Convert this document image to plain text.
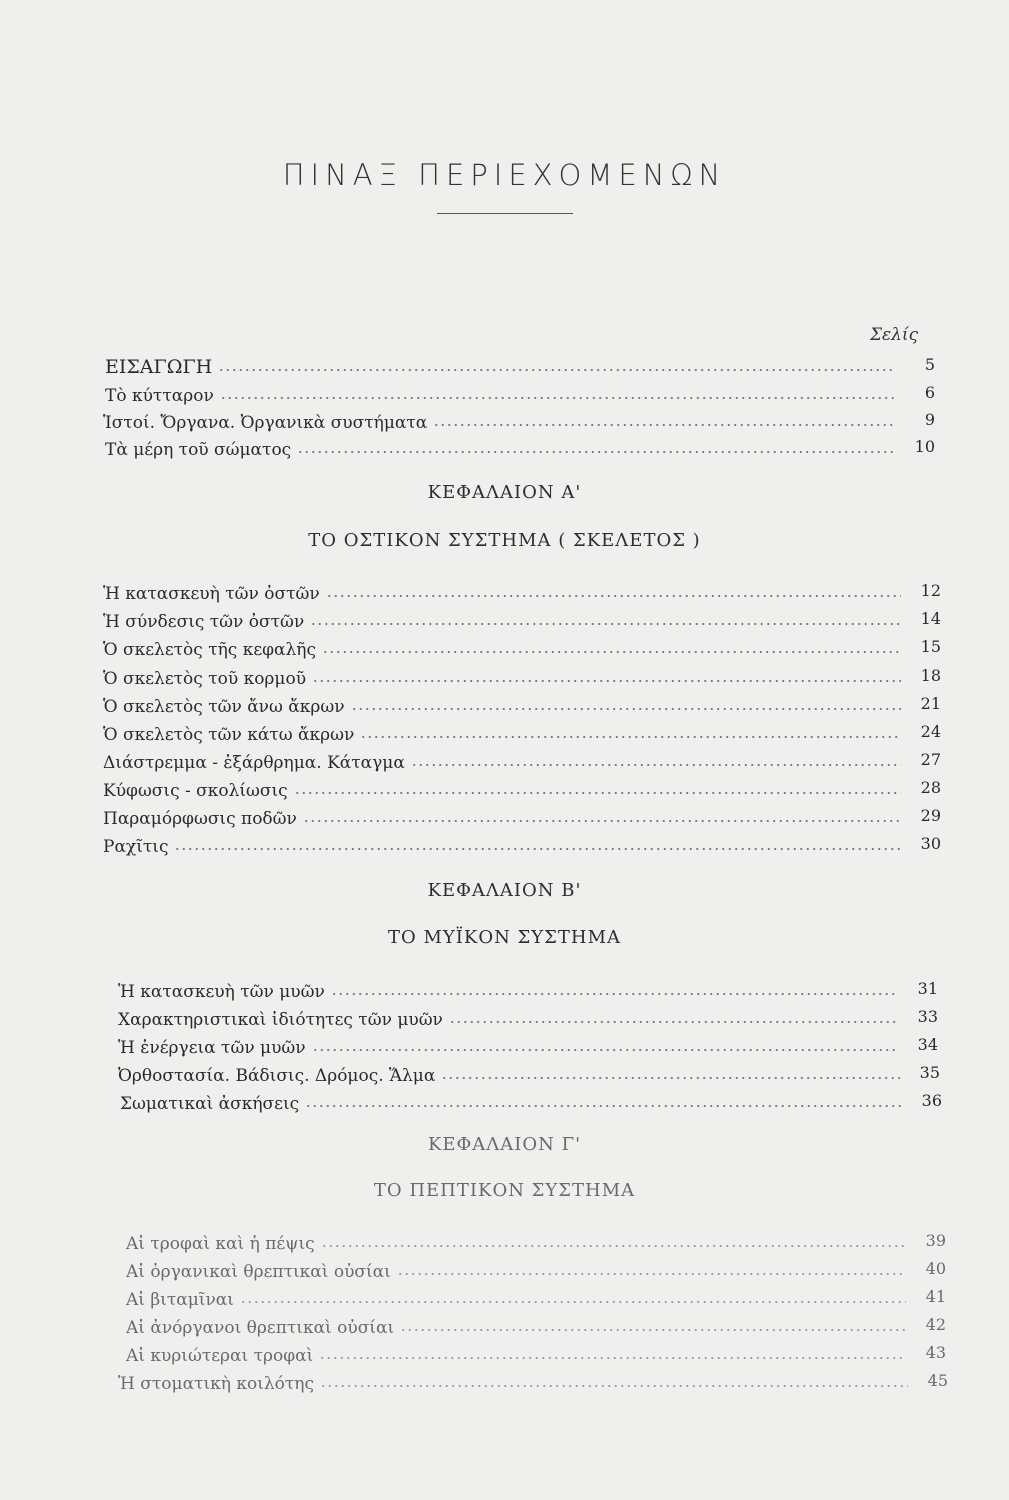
ΠΙΝΑΞ ΠΕΡΙΕΧΟΜΕΝΩΝ
Σελίς
ΕΙΣΑΓΩΓΗ	5
Τὸ κύτταρον	6
Ἱστοί. Ὄργανα. Ὀργανικὰ συστήματα	9
Τὰ μέρη τοῦ σώματος	10
ΚΕΦΑΛΑΙΟΝ Α'
ΤΟ ΟΣΤΙΚΟΝ ΣΥΣΤΗΜΑ ( ΣΚΕΛΕΤΟΣ )
Ἡ κατασκευὴ τῶν ὀστῶν	12
Ἡ σύνδεσις τῶν ὀστῶν	14
Ὁ σκελετὸς τῆς κεφαλῆς	15
Ὁ σκελετὸς τοῦ κορμοῦ	18
Ὁ σκελετὸς τῶν ἄνω ἄκρων	21
Ὁ σκελετὸς τῶν κάτω ἄκρων	24
Διάστρεμμα - ἐξάρθρημα. Κάταγμα	27
Κύφωσις - σκολίωσις	28
Παραμόρφωσις ποδῶν	29
Ραχῖτις	30
ΚΕΦΑΛΑΙΟΝ Β'
ΤΟ ΜΥΪΚΟΝ ΣΥΣΤΗΜΑ
Ἡ κατασκευὴ τῶν μυῶν	31
Χαρακτηριστικαὶ ἰδιότητες τῶν μυῶν	33
Ἡ ἐνέργεια τῶν μυῶν	34
Ὀρθοστασία. Βάδισις. Δρόμος. Ἅλμα	35
Σωματικαὶ ἀσκήσεις	36
ΚΕΦΑΛΑΙΟΝ Γ'
ΤΟ ΠΕΠΤΙΚΟΝ ΣΥΣΤΗΜΑ
Αἱ τροφαὶ καὶ ἡ πέψις	39
Αἱ ὀργανικαὶ θρεπτικαὶ οὐσίαι	40
Αἱ βιταμῖναι	41
Αἱ ἀνόργανοι θρεπτικαὶ οὐσίαι	42
Αἱ κυριώτεραι τροφαὶ	43
Ἡ στοματικὴ κοιλότης	45
